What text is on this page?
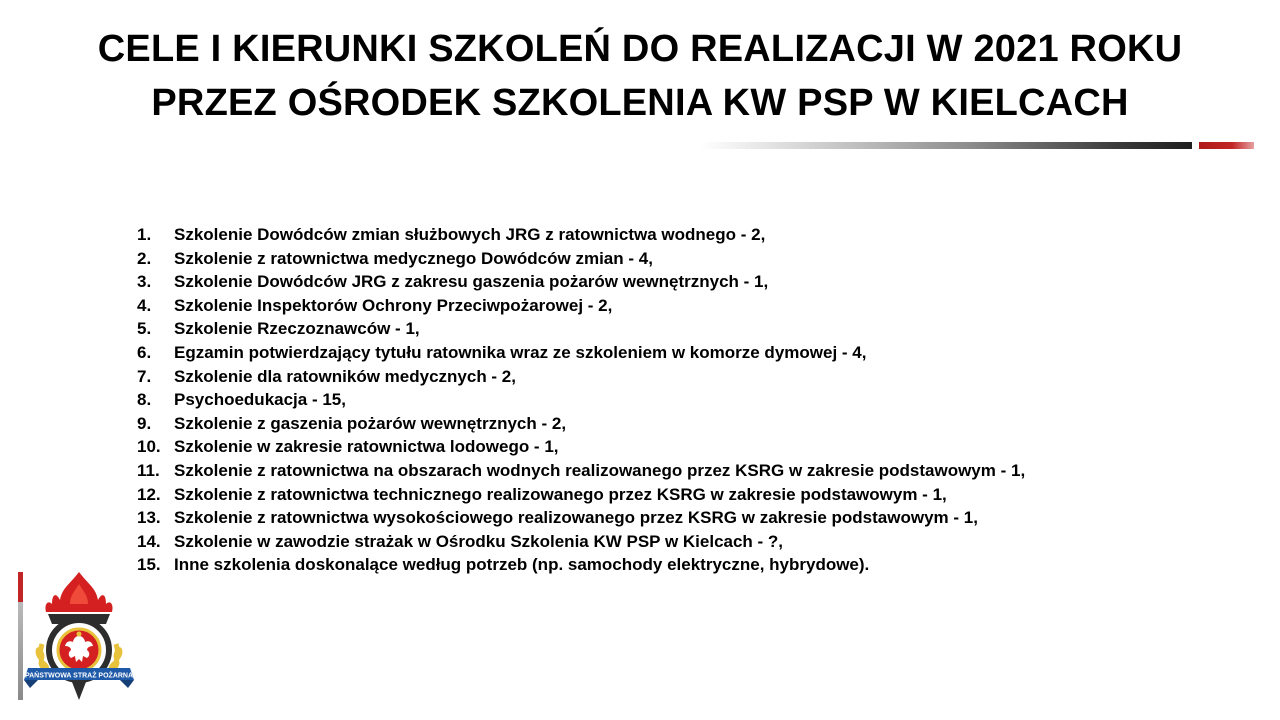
CELE I KIERUNKI SZKOLEŃ DO REALIZACJI W 2021 ROKU
PRZEZ OŚRODEK SZKOLENIA KW PSP W KIELCACH
1.	Szkolenie Dowódców zmian służbowych JRG z ratownictwa wodnego - 2,
2.	Szkolenie z ratownictwa medycznego Dowódców zmian - 4,
3.	Szkolenie Dowódców JRG z zakresu gaszenia pożarów wewnętrznych - 1,
4.	Szkolenie Inspektorów Ochrony Przeciwpożarowej - 2,
5.	Szkolenie Rzeczoznawców - 1,
6.	Egzamin potwierdzający tytułu ratownika wraz ze szkoleniem w komorze dymowej - 4,
7.	Szkolenie dla ratowników medycznych - 2,
8.	Psychoedukacja - 15,
9.	Szkolenie z gaszenia pożarów wewnętrznych - 2,
10. Szkolenie w zakresie ratownictwa lodowego - 1,
11. Szkolenie z ratownictwa na obszarach wodnych realizowanego przez KSRG w zakresie podstawowym - 1,
12. Szkolenie z ratownictwa technicznego realizowanego przez KSRG w zakresie podstawowym - 1,
13. Szkolenie z ratownictwa wysokościowego realizowanego przez KSRG w zakresie podstawowym - 1,
14. Szkolenie w zawodzie strażak w Ośrodku Szkolenia KW PSP w Kielcach - ?,
15. Inne szkolenia doskonalące według potrzeb (np. samochody elektryczne, hybrydowe).
PAŃSTWOWA STRAŻ POŻARNA
